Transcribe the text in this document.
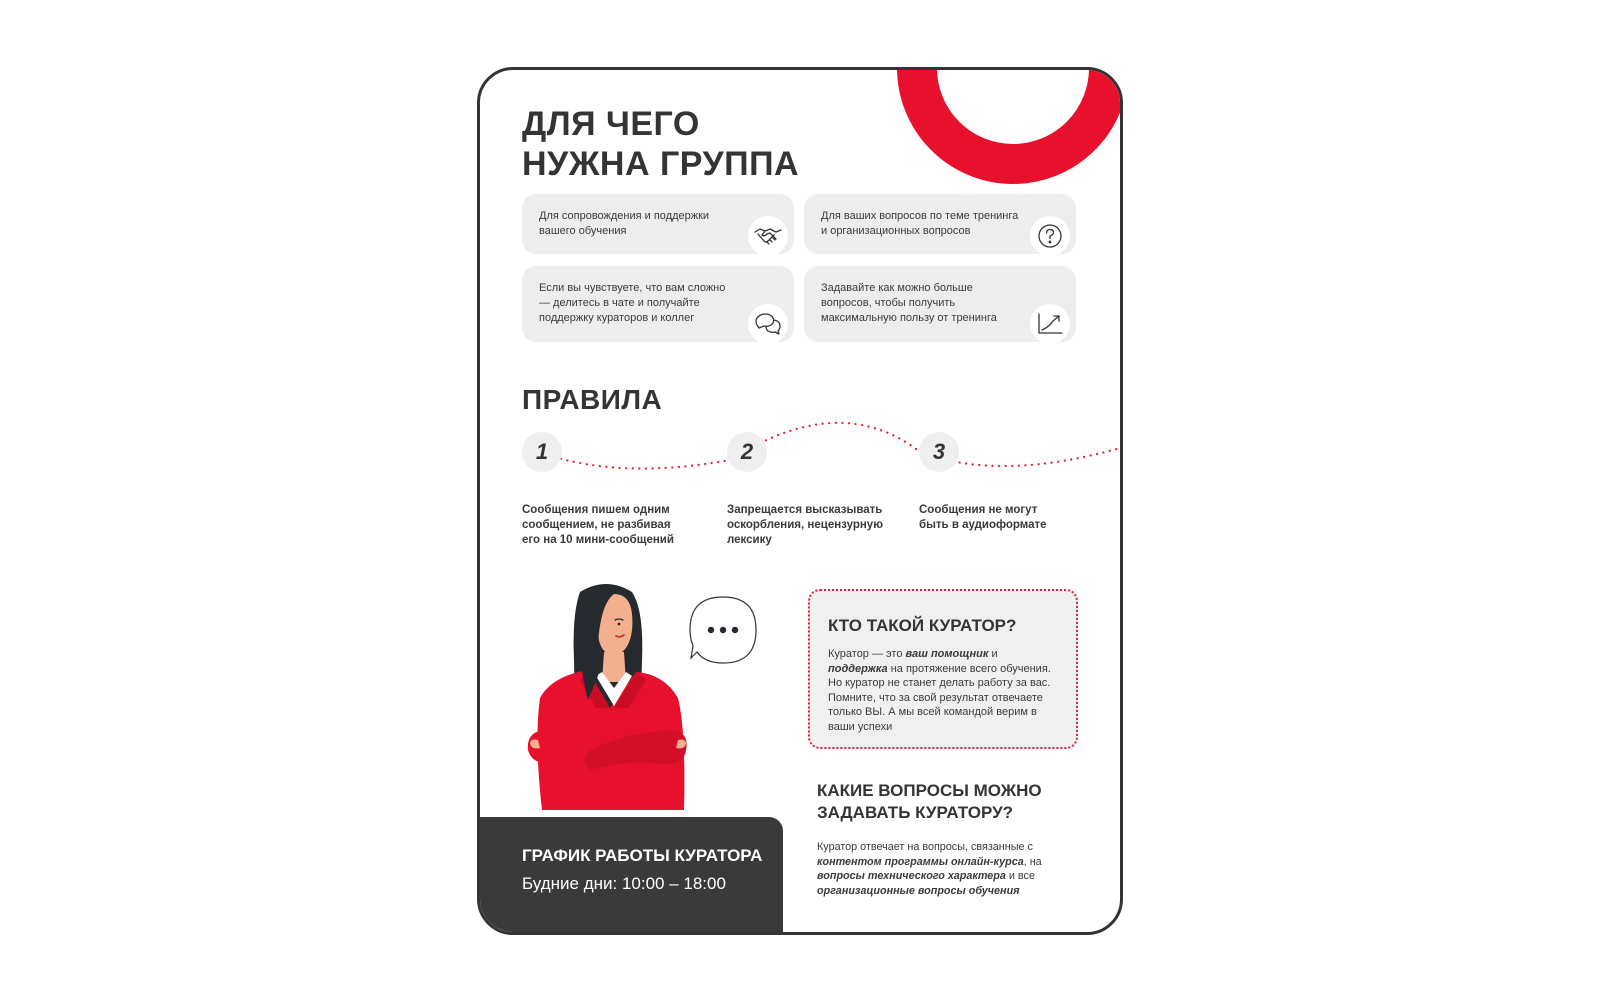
ДЛЯ ЧЕГО
НУЖНА ГРУППА

Для сопровождения и поддержки вашего обучения

Для ваших вопросов по теме тренинга и организационных вопросов

Если вы чувствуете, что вам сложно — делитесь в чате и получайте поддержку кураторов и коллег

Задавайте как можно больше вопросов, чтобы получить максимальную пользу от тренинга

ПРАВИЛА
1	2	3
Сообщения пишем одним сообщением, не разбивая его на 10 мини-сообщений
Запрещается высказывать оскорбления, нецензурную лексику
Сообщения не могут быть в аудиоформате
КТО ТАКОЙ КУРАТОР?

Куратор — это ваш помощник и поддержка на протяжение всего обучения. Но куратор не станет делать работу за вас. Помните, что за свой результат отвечаете только ВЫ. А мы всей командой верим в ваши успехи

КАКИЕ ВОПРОСЫ МОЖНО ЗАДАВАТЬ КУРАТОРУ?

Куратор отвечает на вопросы, связанные с контентом программы онлайн-курса, на вопросы технического характера и все организационные вопросы обучения

ГРАФИК РАБОТЫ КУРАТОРА
Будние дни: 10:00 – 18:00
